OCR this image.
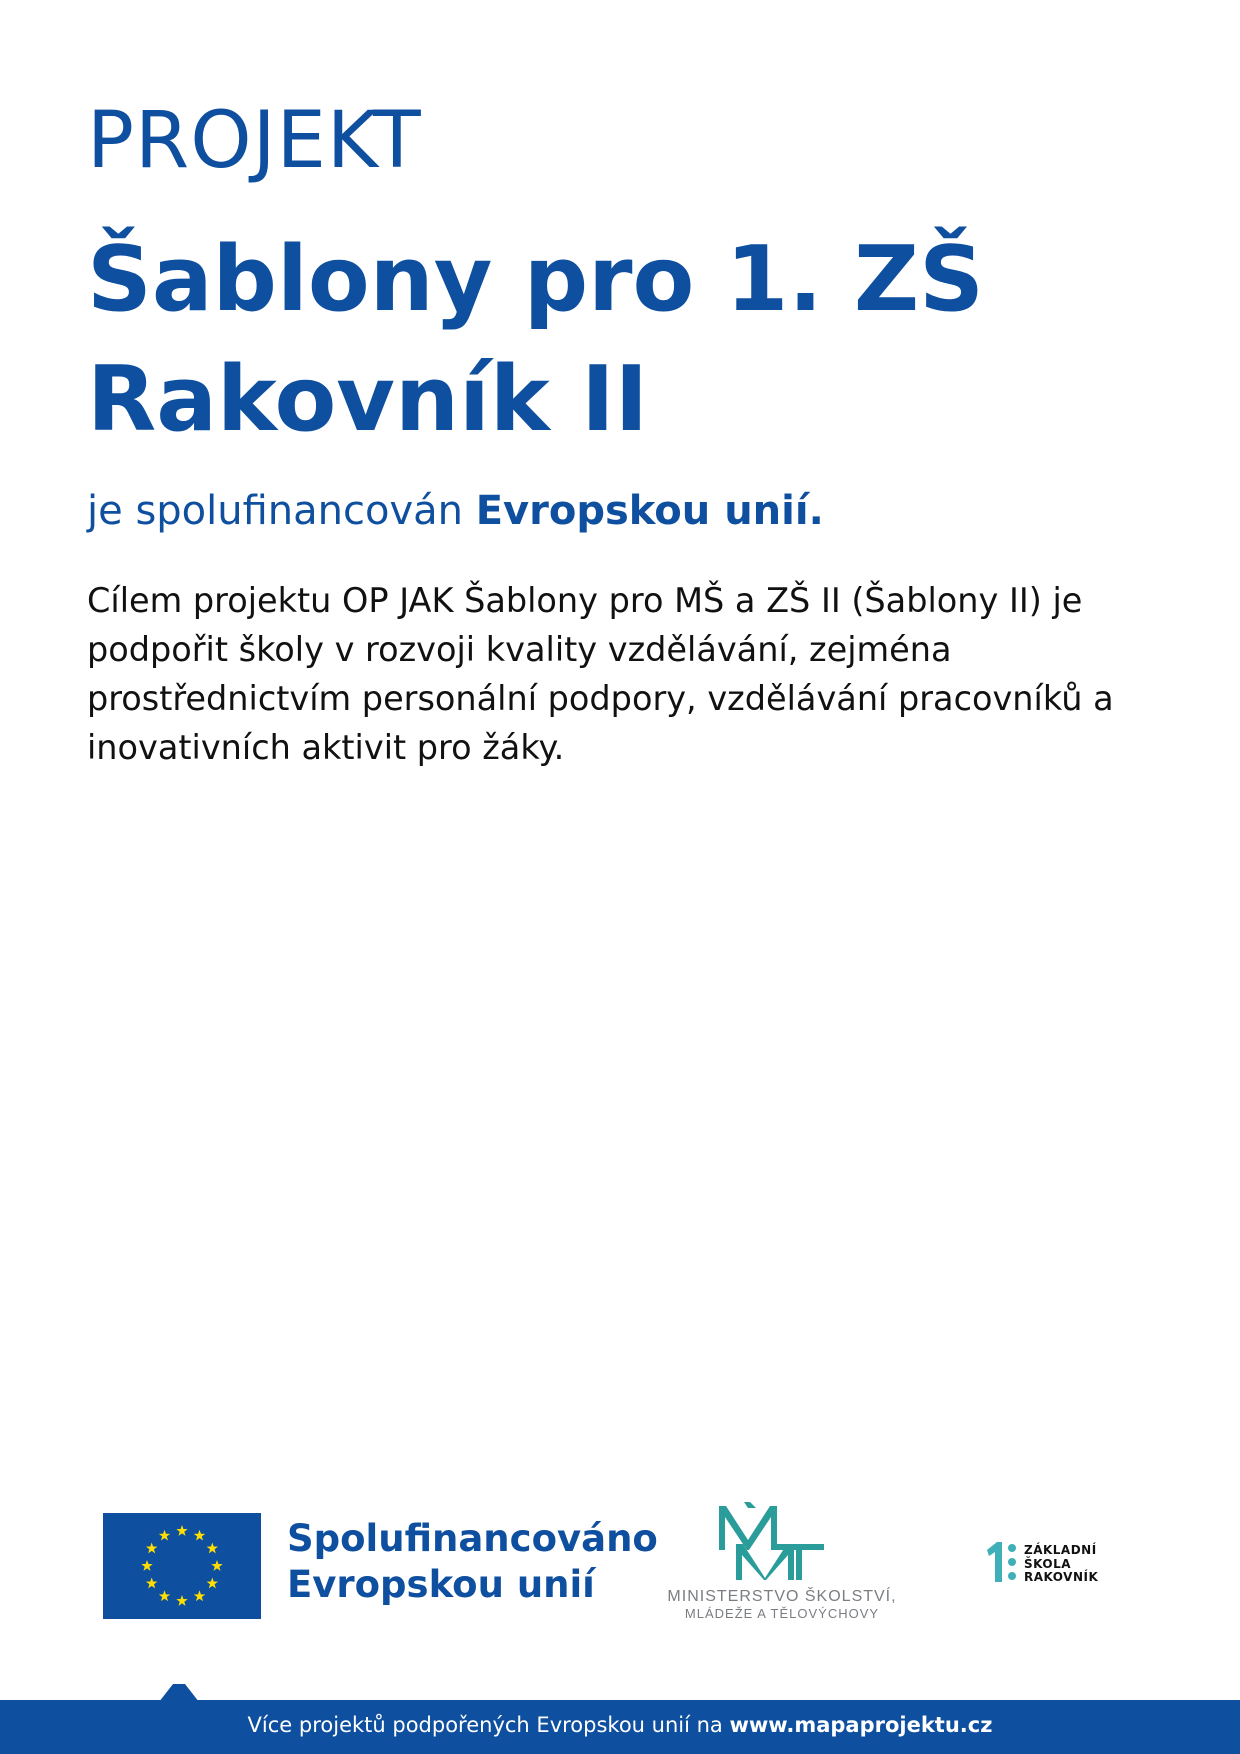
PROJEKT
Šablony pro 1. ZŠ
Rakovník II

je spolufinancován Evropskou unií.

Cílem projektu OP JAK Šablony pro MŠ a ZŠ II (Šablony II) je podpořit školy v rozvoji kvality vzdělávání, zejména prostřednictvím personální podpory, vzdělávání pracovníků a inovativních aktivit pro žáky.

Spolufinancováno
Evropskou unií	MINISTERSTVO ŠKOLSTVÍ,
MLÁDEŽE A TĚLOVÝCHOVY
ZÁKLADNÍ
ŠKOLA
RAKOVNÍK
Více projektů podpořených Evropskou unií na www.mapaprojektu.cz
